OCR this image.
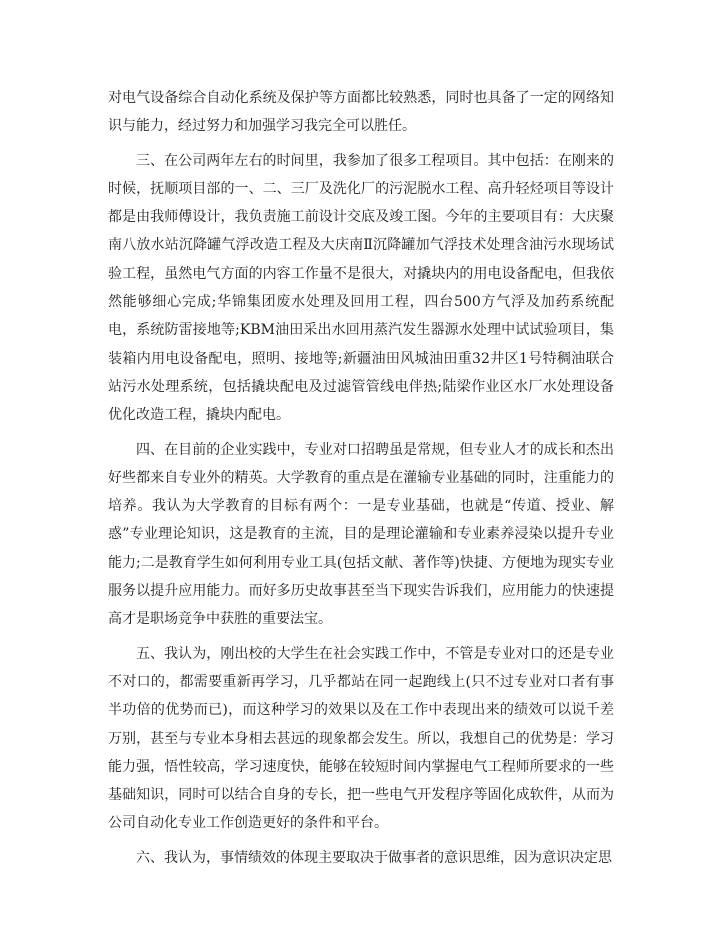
对电气设备综合自动化系统及保护等方面都比较熟悉，同时也具备了一定的网络知识与能力，经过努力和加强学习我完全可以胜任。

三、在公司两年左右的时间里，我参加了很多工程项目。其中包括：在刚来的时候，抚顺项目部的一、二、三厂及洗化厂的污泥脱水工程、高升轻烃项目等设计都是由我师傅设计，我负责施工前设计交底及竣工图。今年的主要项目有：大庆聚南八放水站沉降罐气浮改造工程及大庆南Ⅱ沉降罐加气浮技术处理含油污水现场试验工程，虽然电气方面的内容工作量不是很大，对撬块内的用电设备配电，但我依然能够细心完成;华锦集团废水处理及回用工程，四台500方气浮及加药系统配电，系统防雷接地等;KBM油田采出水回用蒸汽发生器源水处理中试试验项目，集装箱内用电设备配电，照明、接地等;新疆油田风城油田重32井区1号特稠油联合站污水处理系统，包括撬块配电及过滤管管线电伴热;陆梁作业区水厂水处理设备优化改造工程，撬块内配电。

四、在目前的企业实践中，专业对口招聘虽是常规，但专业人才的成长和杰出好些都来自专业外的精英。大学教育的重点是在灌输专业基础的同时，注重能力的培养。我认为大学教育的目标有两个：一是专业基础，也就是“传道、授业、解惑”专业理论知识，这是教育的主流，目的是理论灌输和专业素养浸染以提升专业能力;二是教育学生如何利用专业工具(包括文献、著作等)快捷、方便地为现实专业服务以提升应用能力。而好多历史故事甚至当下现实告诉我们，应用能力的快速提高才是职场竞争中获胜的重要法宝。

五、我认为，刚出校的大学生在社会实践工作中，不管是专业对口的还是专业不对口的，都需要重新再学习，几乎都站在同一起跑线上(只不过专业对口者有事半功倍的优势而已)，而这种学习的效果以及在工作中表现出来的绩效可以说千差万别，甚至与专业本身相去甚远的现象都会发生。所以，我想自己的优势是：学习能力强，悟性较高，学习速度快，能够在较短时间内掌握电气工程师所要求的一些基础知识，同时可以结合自身的专长，把一些电气开发程序等固化成软件，从而为公司自动化专业工作创造更好的条件和平台。

六、我认为，事情绩效的体现主要取决于做事者的意识思维，因为意识决定思
